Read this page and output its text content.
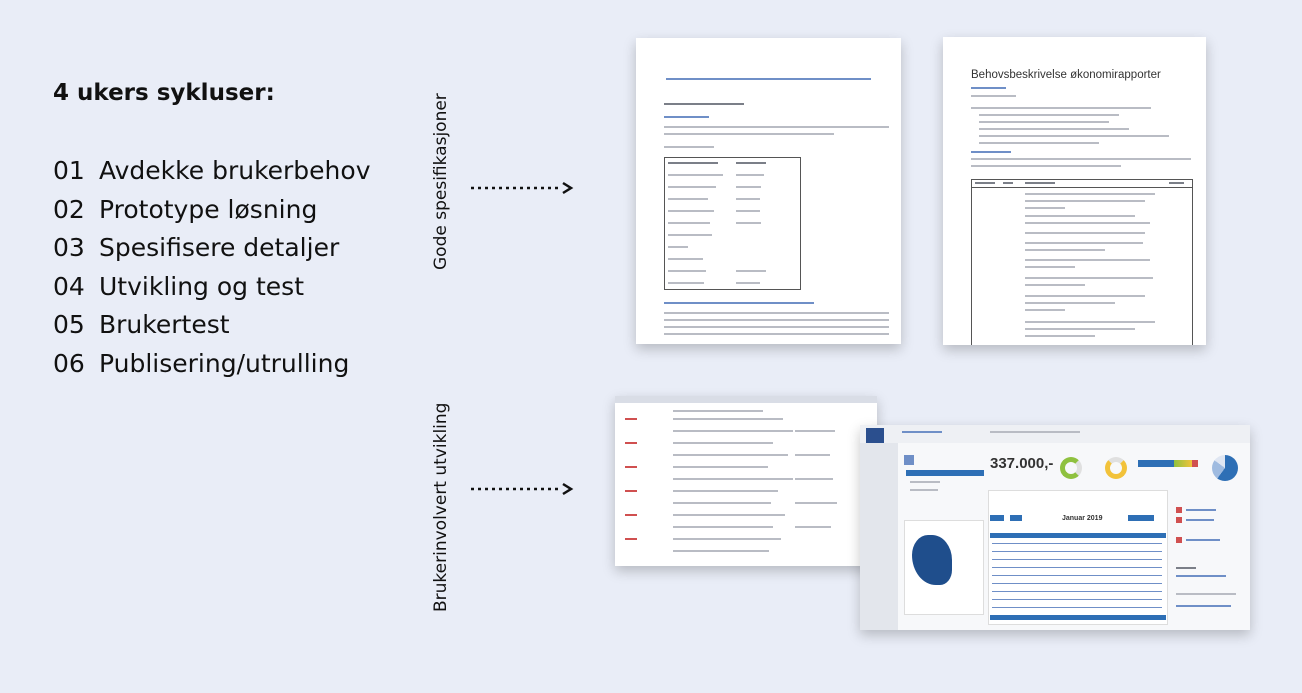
4 ukers sykluser:
01 Avdekke brukerbehov
02 Prototype løsning
03 Spesifisere detaljer
04 Utvikling og test
05 Brukertest
06 Publisering/utrulling
Gode spesifikasjoner
Brukerinvolvert utvikling
Behovsbeskrivelse økonomirapporter
337.000,-
Januar 2019
